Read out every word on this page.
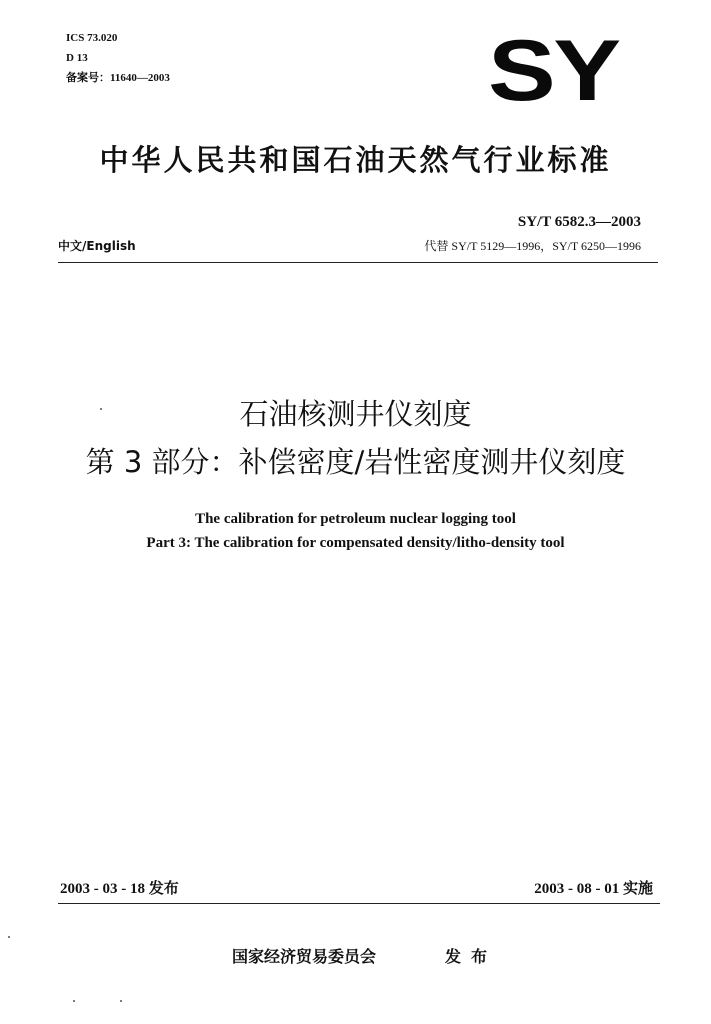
ICS 73.020
D 13
备案号：11640—2003	SY
中华人民共和国石油天然气行业标准
SY/T 6582.3—2003
中文/English	代替 SY/T 5129—1996，SY/T 6250—1996
石油核测井仪刻度
第 3 部分：补偿密度/岩性密度测井仪刻度
The calibration for petroleum nuclear logging tool
Part 3: The calibration for compensated density/litho-density tool
2003 - 03 - 18 发布	2003 - 08 - 01 实施
国家经济贸易委员会	发布
